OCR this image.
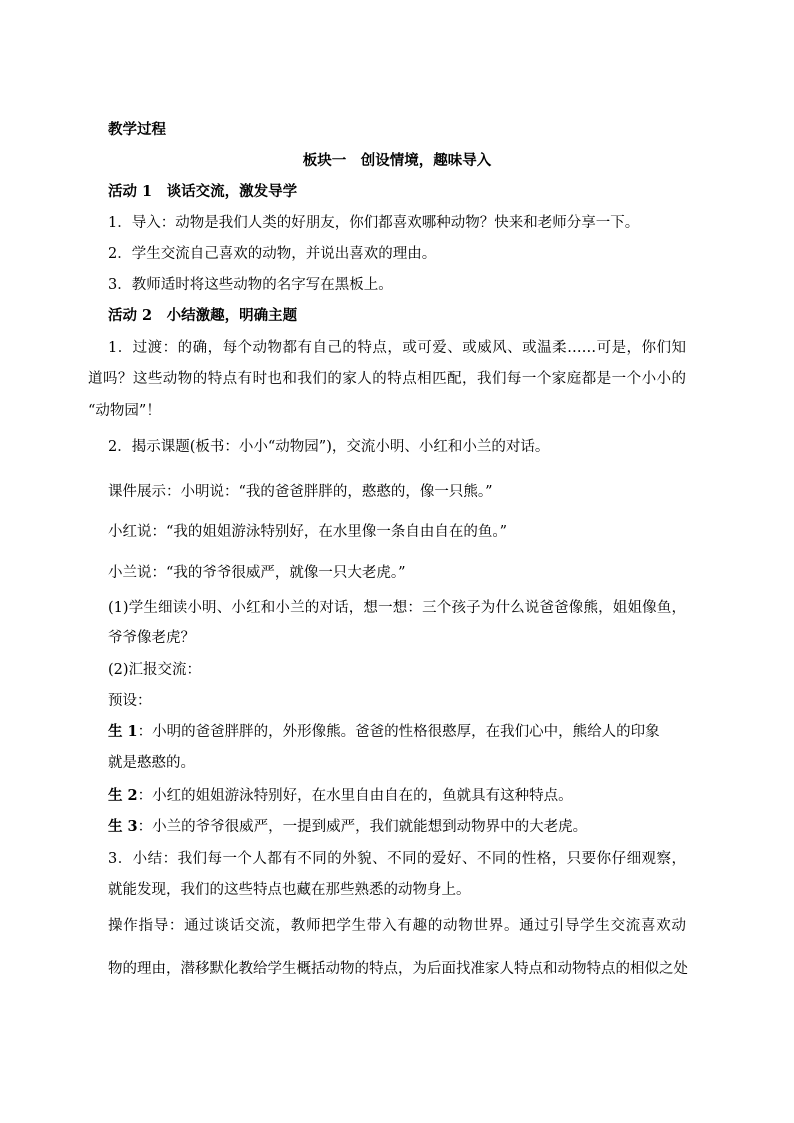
教学过程
板块一　创设情境，趣味导入
活动 1　谈话交流，激发导学
1．导入：动物是我们人类的好朋友，你们都喜欢哪种动物？快来和老师分享一下。
2．学生交流自己喜欢的动物，并说出喜欢的理由。
3．教师适时将这些动物的名字写在黑板上。
活动 2　小结激趣，明确主题
1．过渡：的确，每个动物都有自己的特点，或可爱、或威风、或温柔……可是，你们知
道吗？这些动物的特点有时也和我们的家人的特点相匹配，我们每一个家庭都是一个小小的
“动物园”！
2．揭示课题(板书：小小“动物园”)，交流小明、小红和小兰的对话。
课件展示：小明说：“我的爸爸胖胖的，憨憨的，像一只熊。”
小红说：“我的姐姐游泳特别好，在水里像一条自由自在的鱼。”
小兰说：“我的爷爷很威严，就像一只大老虎。”
(1)学生细读小明、小红和小兰的对话，想一想：三个孩子为什么说爸爸像熊，姐姐像鱼，
爷爷像老虎？
(2)汇报交流：
预设：
生 1：小明的爸爸胖胖的，外形像熊。爸爸的性格很憨厚，在我们心中，熊给人的印象
就是憨憨的。
生 2：小红的姐姐游泳特别好，在水里自由自在的，鱼就具有这种特点。
生 3：小兰的爷爷很威严，一提到威严，我们就能想到动物界中的大老虎。
3．小结：我们每一个人都有不同的外貌、不同的爱好、不同的性格，只要你仔细观察，
就能发现，我们的这些特点也藏在那些熟悉的动物身上。
操作指导：通过谈话交流，教师把学生带入有趣的动物世界。通过引导学生交流喜欢动
物的理由，潜移默化教给学生概括动物的特点，为后面找准家人特点和动物特点的相似之处
